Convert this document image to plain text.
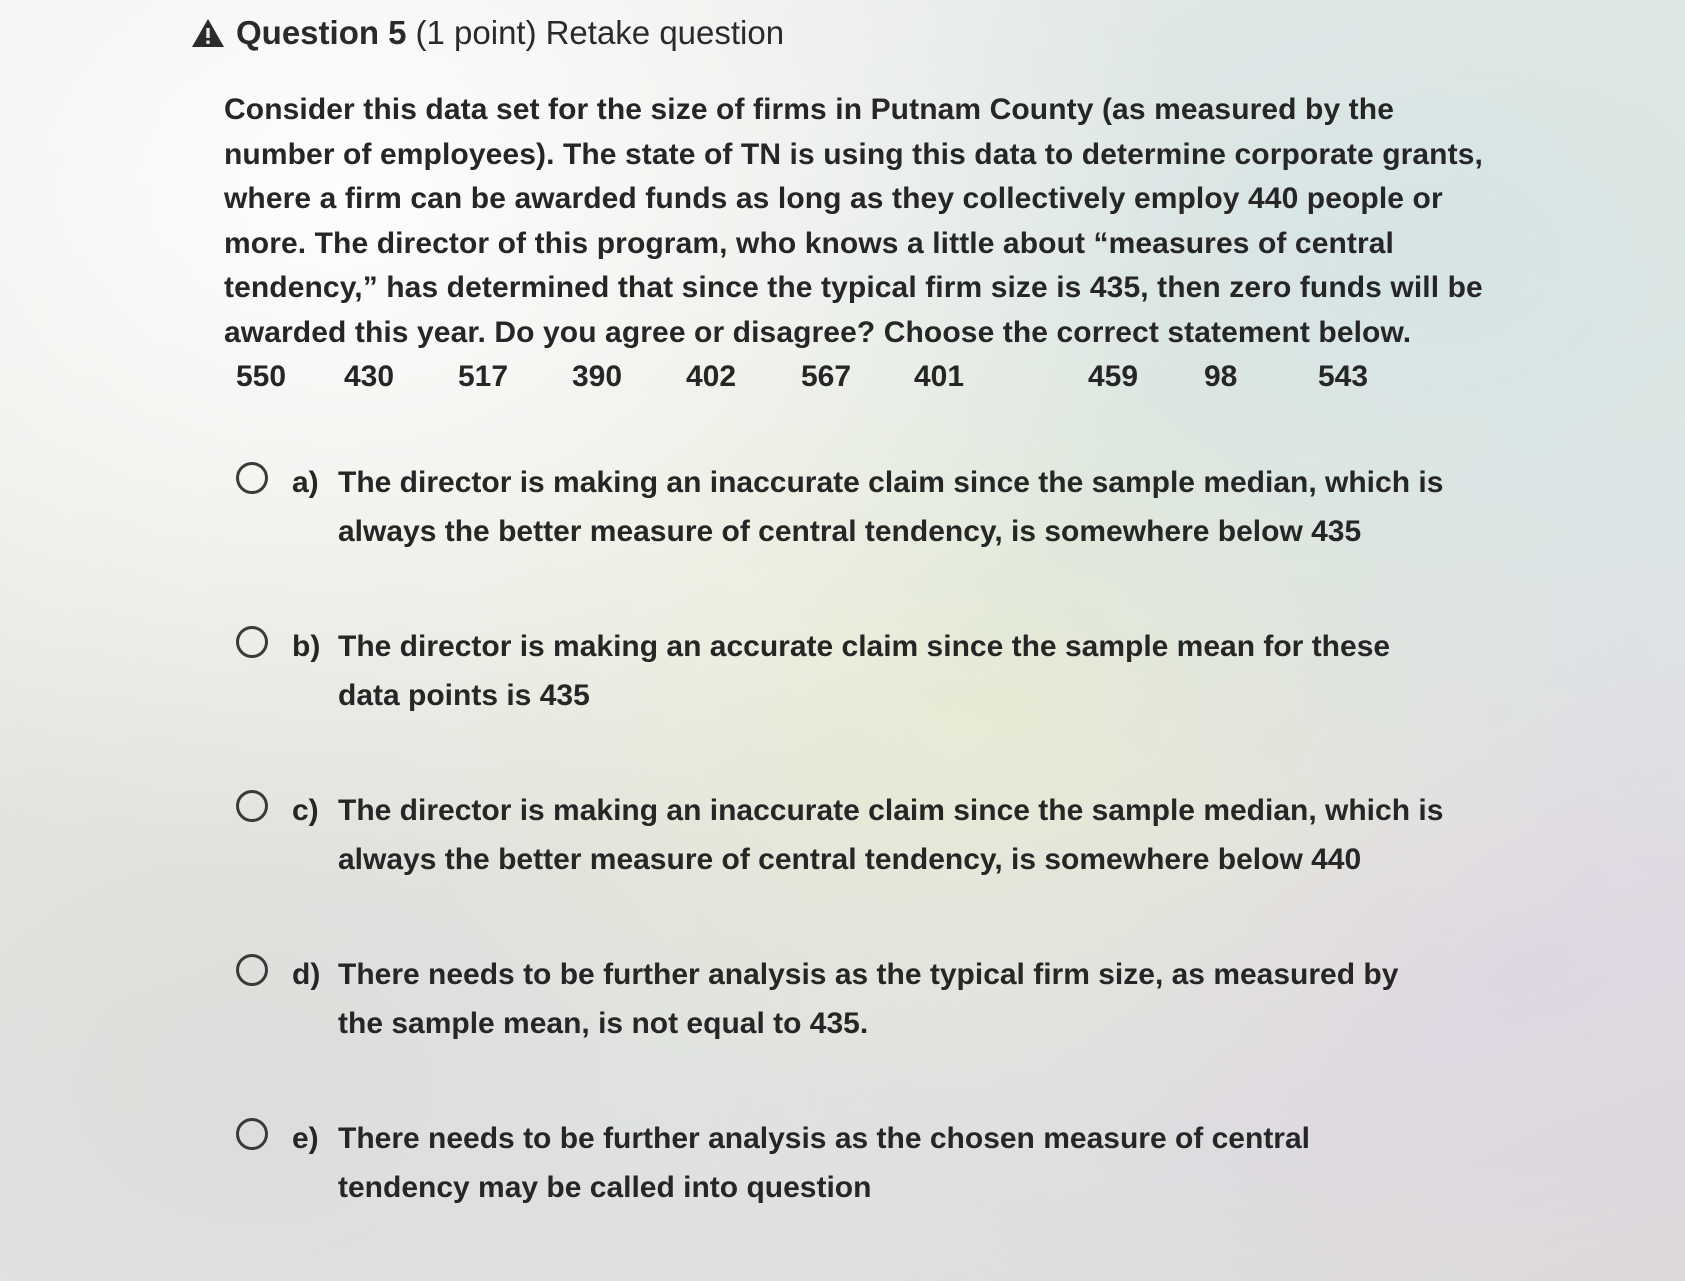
Question 5 (1 point) Retake question
Consider this data set for the size of firms in Putnam County (as measured by the number of employees). The state of TN is using this data to determine corporate grants, where a firm can be awarded funds as long as they collectively employ 440 people or more. The director of this program, who knows a little about “measures of central tendency,” has determined that since the typical firm size is 435, then zero funds will be awarded this year. Do you agree or disagree? Choose the correct statement below.
550 430 517 390 402 567 401	459 98	543
a) The director is making an inaccurate claim since the sample median, which is always the better measure of central tendency, is somewhere below 435
b) The director is making an accurate claim since the sample mean for these data points is 435
c) The director is making an inaccurate claim since the sample median, which is always the better measure of central tendency, is somewhere below 440
d) There needs to be further analysis as the typical firm size, as measured by the sample mean, is not equal to 435.
e) There needs to be further analysis as the chosen measure of central tendency may be called into question
